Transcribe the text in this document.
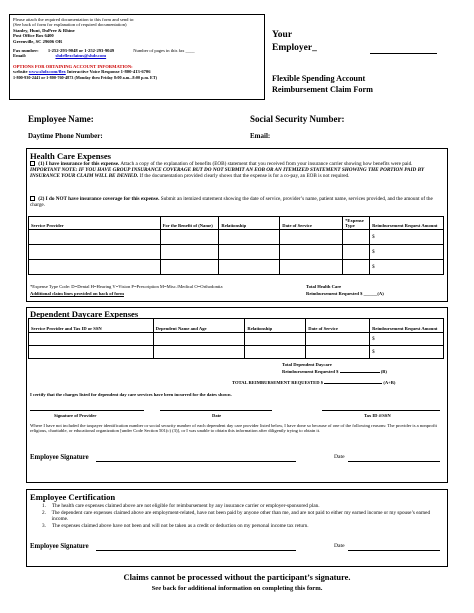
Please attach the required documentation to this form and send to:
(See back of form for explanation of required documentation)
Stanley, Hunt, DuPree & Rhine
Post Office Box 6400
Greenville, SC 29606 OR
Fax number: 1-252-293-9048 or 1-252-293-9049	Number of pages in this fax ____
Email:	shdrflexclaims@shdr.com
OPTIONS FOR OBTAINING ACCOUNT INFORMATION:
website www.shdr.com/flex Interactive Voice Response 1-800-413-6706
1-800-930-2441 or 1-800-760-4873 (Monday thru Friday 8:00 a.m.–8:00 p.m. ET)
Your
Employer_
Flexible Spending Account
Reimbursement Claim Form
Employee Name:	Social Security Number:
Daytime Phone Number:	Email:
Health Care Expenses
(1) I have insurance for this expense. Attach a copy of the explanation of benefits (EOB) statement that you received from your insurance carrier showing how benefits were paid. IMPORTANT NOTE: IF YOU HAVE GROUP INSURANCE COVERAGE BUT DO NOT SUBMIT AN EOB OR AN ITEMIZED STATEMENT SHOWING THE PORTION PAID BY INSURANCE YOUR CLAIM WILL BE DENIED. If the documentation provided clearly shows that the expense is for a co-pay, an EOB is not required.
(2) I do NOT have insurance coverage for this expense. Submit an itemized statement showing the date of service, provider’s name, patient name, services provided, and the amount of the charge.
Service Provider	For the Benefit of (Name)	Relationship	Date of Service	*Expense Type	Reimbursement Request Amount
					$
					$
					$
*Expense Type Code: D=Dental H=Hearing V=Vision P=Prescription M=Misc./Medical O=Orthodontia
Additional claim lines provided on back of form
Total Health Care
Reimbursement Requested $ ______(A)
Dependent Daycare Expenses
Service Provider and Tax ID or SSN	Dependent Name and Age	Relationship	Date of Service	Reimbursement Request Amount
				$
				$
Total Dependent Daycare
Reimbursement Requested $	(B)
TOTAL REIMBURSEMENT REQUESTED $	(A+B)
I certify that the charges listed for dependent day care services have been incurred for the dates shown.
Signature of Provider	Date	Tax ID #/SSN
Where I have not included the taxpayer identification number or social security number of each dependent day care provider listed below, I have done so because of one of the following reasons: The provider is a nonprofit religious, charitable, or educational organization [under Code Section 501(c) (3)], or I was unable to obtain this information after diligently trying to obtain it.
Employee Signature	Date
Employee Certification
1.	The health care expenses claimed above are not eligible for reimbursement by any insurance carrier or employer-sponsored plan.
2.	The dependent care expenses claimed above are employment-related, have not been paid by anyone other than me, and are not paid to either my earned income or my spouse’s earned income.
3.	The expenses claimed above have not been and will not be taken as a credit or deduction on my personal income tax return.
Employee Signature	Date
Claims cannot be processed without the participant’s signature.
See back for additional information on completing this form.
